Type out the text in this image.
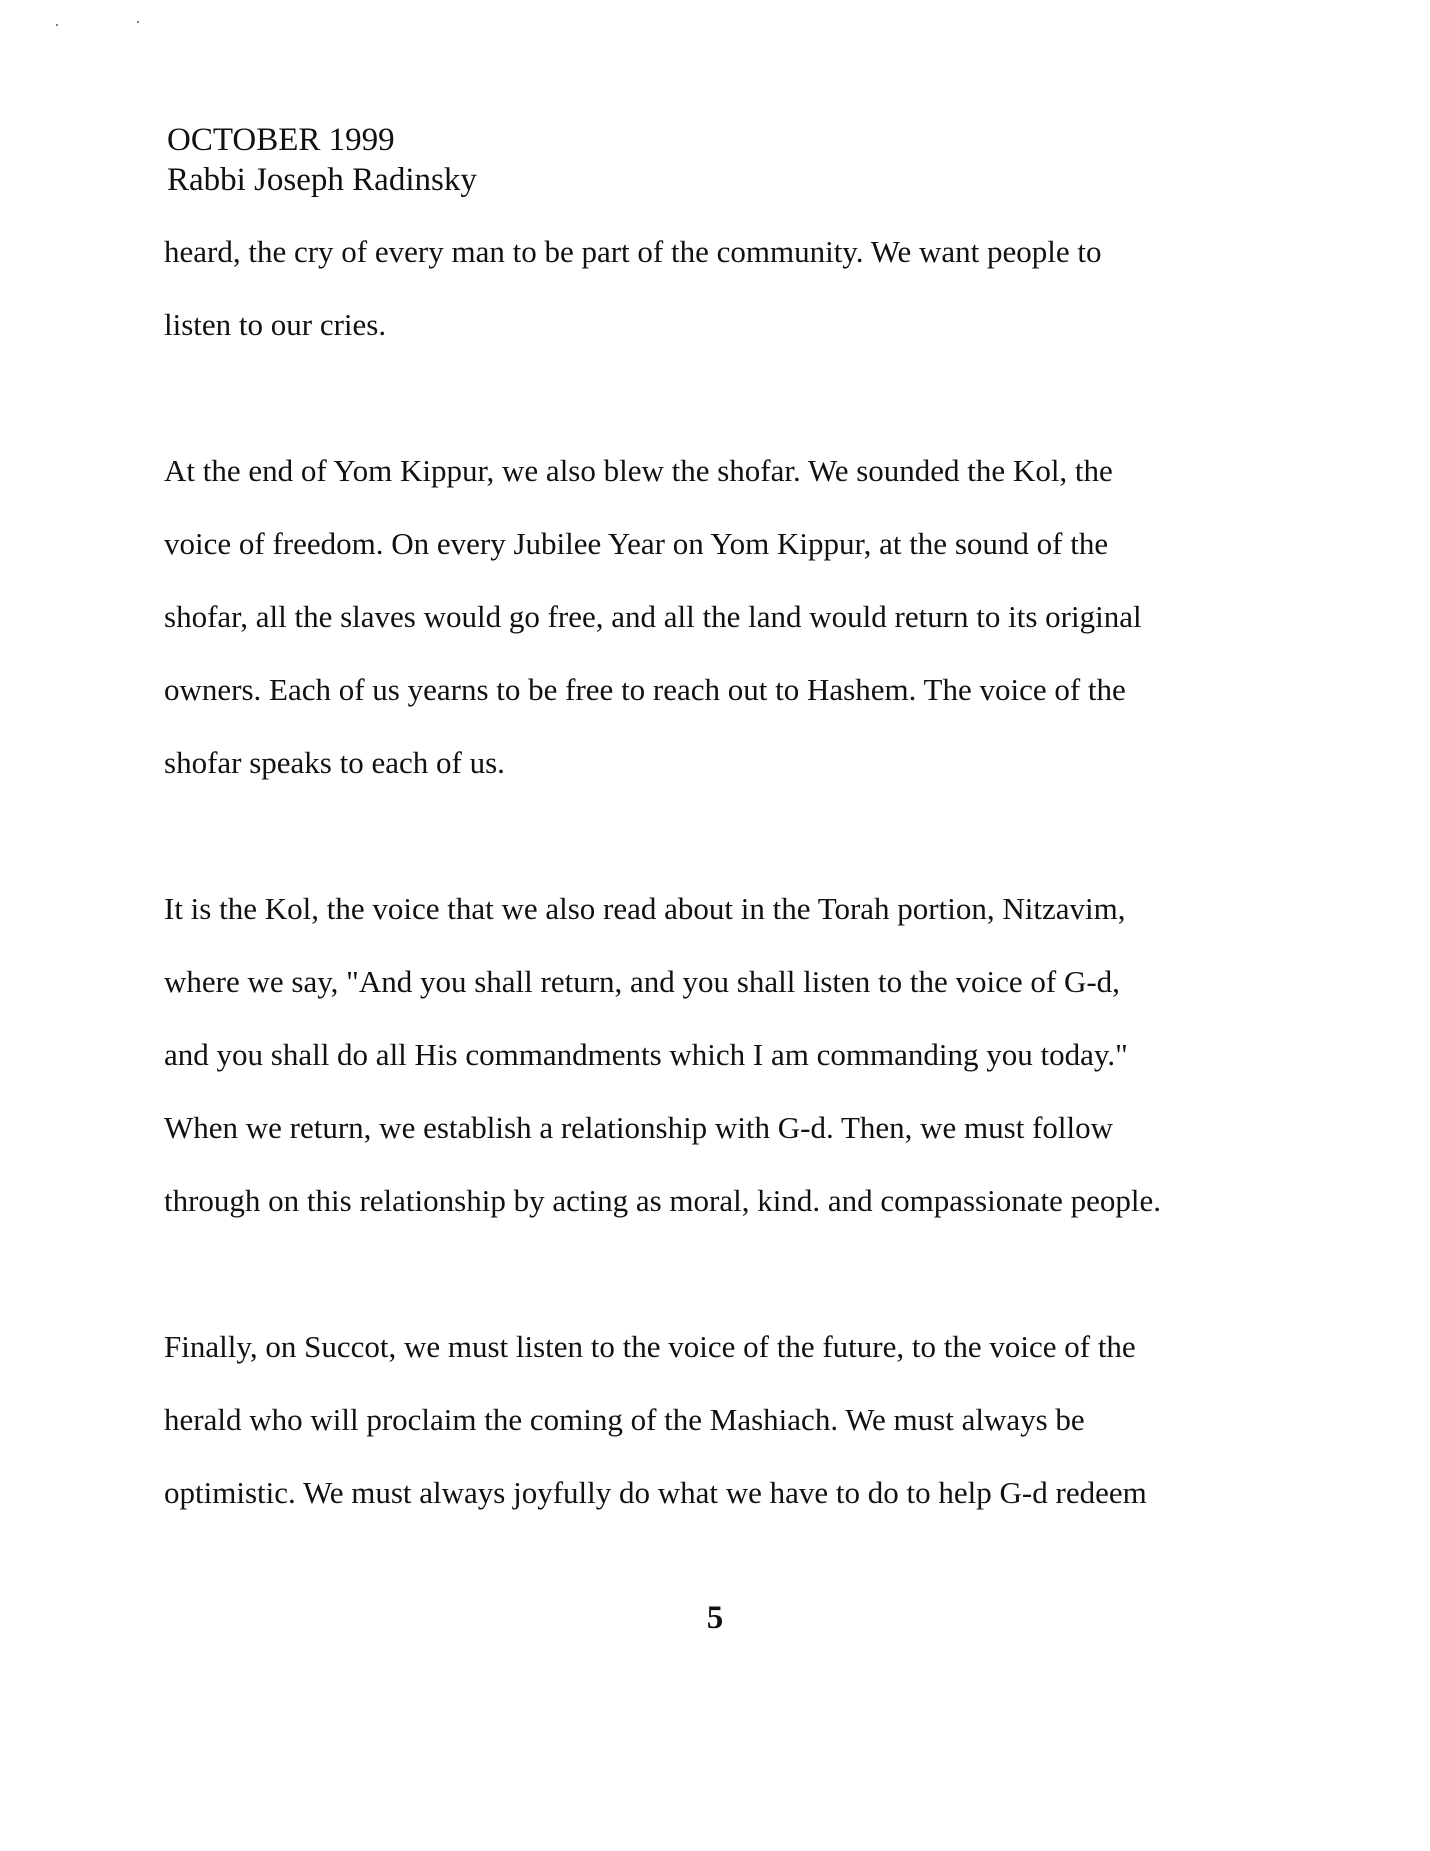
OCTOBER 1999
Rabbi Joseph Radinsky
heard, the cry of every man to be part of the community. We want people to
listen to our cries.
At the end of Yom Kippur, we also blew the shofar. We sounded the Kol, the
voice of freedom. On every Jubilee Year on Yom Kippur, at the sound of the
shofar, all the slaves would go free, and all the land would return to its original
owners. Each of us yearns to be free to reach out to Hashem. The voice of the
shofar speaks to each of us.
It is the Kol, the voice that we also read about in the Torah portion, Nitzavim,
where we say, "And you shall return, and you shall listen to the voice of G-d,
and you shall do all His commandments which I am commanding you today."
When we return, we establish a relationship with G-d. Then, we must follow
through on this relationship by acting as moral, kind. and compassionate people.
Finally, on Succot, we must listen to the voice of the future, to the voice of the
herald who will proclaim the coming of the Mashiach. We must always be
optimistic. We must always joyfully do what we have to do to help G-d redeem
5
